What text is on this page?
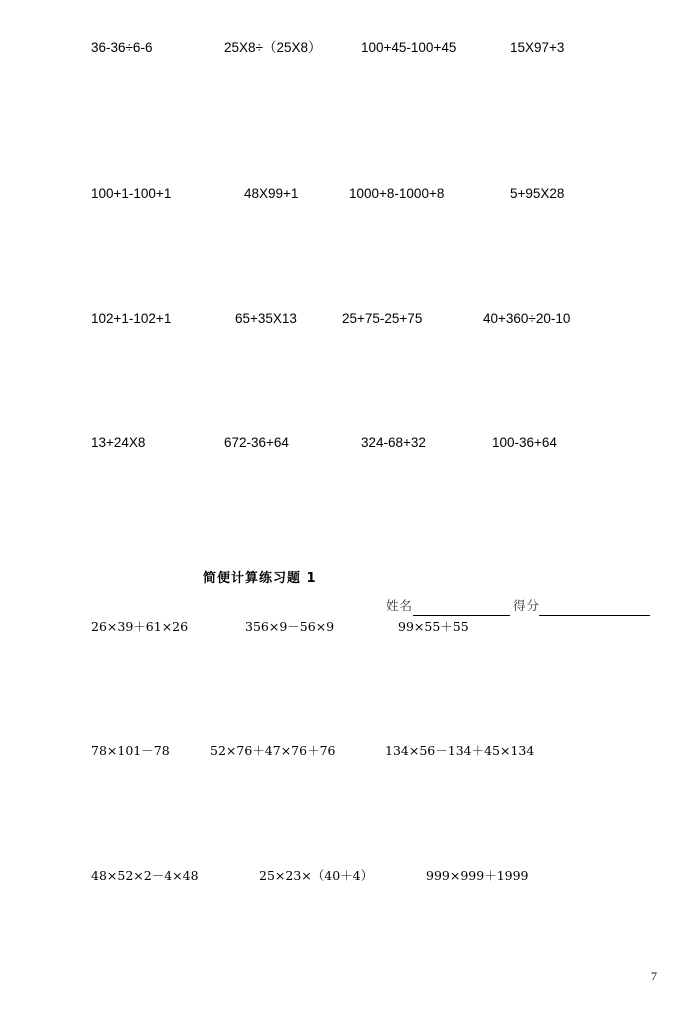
36-36÷6-6	25X8÷（25X8）	100+45-100+45	15X97+3
100+1-100+1	48X99+1	1000+8-1000+8	5+95X28
102+1-102+1	65+35X13	25+75-25+75	40+360÷20-10
13+24X8	672-36+64	324-68+32	100-36+64
简便计算练习题 1
姓名	得分
26×39＋61×26	356×9－56×9	99×55＋55
78×101－78	52×76＋47×76＋76	134×56－134＋45×134
48×52×2－4×48	25×23×（40＋4）	999×999＋1999
7
